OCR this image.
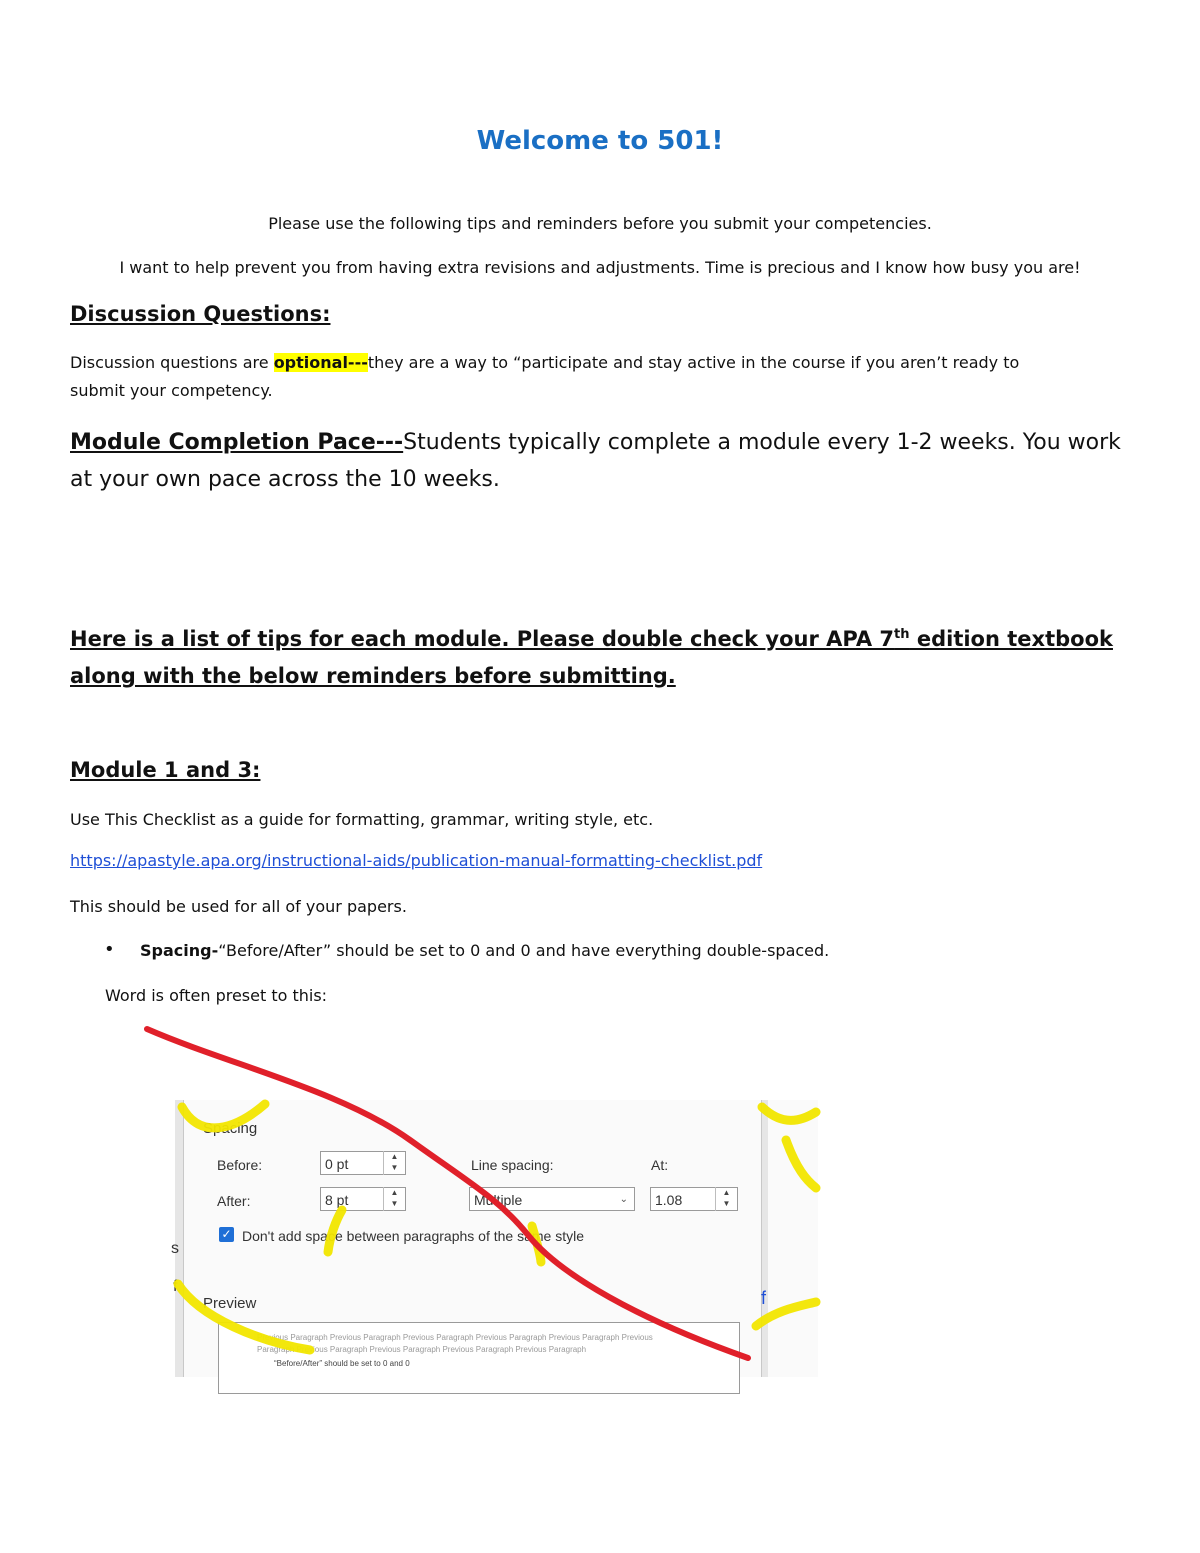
Welcome to 501!
Please use the following tips and reminders before you submit your competencies.
I want to help prevent you from having extra revisions and adjustments. Time is precious and I know how busy you are!
Discussion Questions:
Discussion questions are optional---they are a way to “participate and stay active in the course if you aren’t ready to
submit your competency.
Module Completion Pace---Students typically complete a module every 1-2 weeks. You work
at your own pace across the 10 weeks.
Here is a list of tips for each module. Please double check your APA 7th edition textbook
along with the below reminders before submitting.
Module 1 and 3:
Use This Checklist as a guide for formatting, grammar, writing style, etc.
https://apastyle.apa.org/instructional-aids/publication-manual-formatting-checklist.pdf
This should be used for all of your papers.
• Spacing-“Before/After” should be set to 0 and 0 and have everything double-spaced.
Word is often preset to this:
s
f
f
Spacing
Before:	0 pt	▲
▼
After:	8 pt	▲
▼
Line spacing:
Multiple	⌄
At:
1.08	▲
▼
✓ Don't add space between paragraphs of the same style
Preview
Previous Paragraph Previous Paragraph Previous Paragraph Previous Paragraph Previous Paragraph Previous
Paragraph Previous Paragraph Previous Paragraph Previous Paragraph Previous Paragraph
“Before/After” should be set to 0 and 0
